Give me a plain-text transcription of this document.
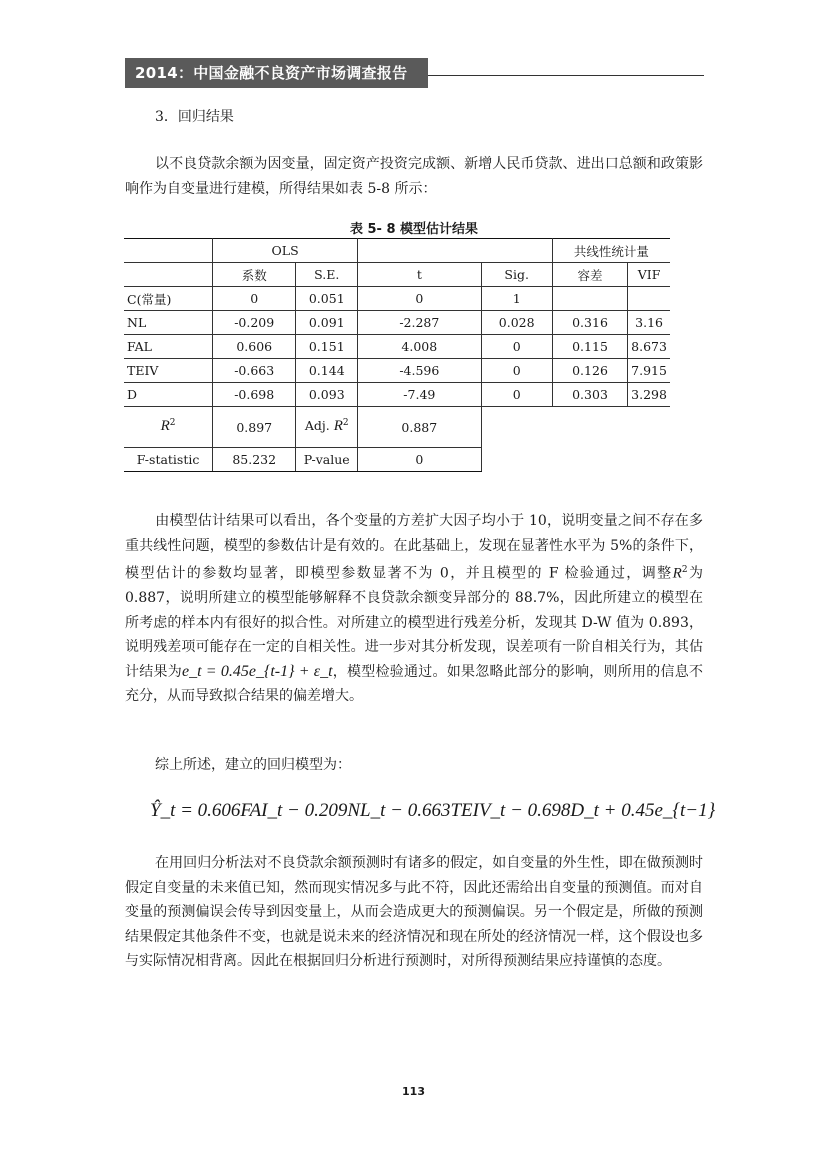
2014：中国金融不良资产市场调查报告
3．回归结果
以不良贷款余额为因变量，固定资产投资完成额、新增人民币贷款、进出口总额和政策影响作为自变量进行建模，所得结果如表 5-8 所示：
表 5- 8 模型估计结果
	OLS				共线性统计量	
	系数	S.E.	t	Sig.	容差	VIF
C(常量)	0	0.051	0	1		
NL	-0.209	0.091	-2.287	0.028	0.316	3.16
FAL	0.606	0.151	4.008	0	0.115	8.673
TEIV	-0.663	0.144	-4.596	0	0.126	7.915
D	-0.698	0.093	-7.49	0	0.303	3.298
$R^2$	0.897	Adj. $R^2$	0.887			
F-statistic	85.232	P-value	0			
由模型估计结果可以看出，各个变量的方差扩大因子均小于 10，说明变量之间不存在多重共线性问题，模型的参数估计是有效的。在此基础上，发现在显著性水平为 5%的条件下，模型估计的参数均显著，即模型参数显著不为 0，并且模型的 F 检验通过，调整$R^2$为 0.887，说明所建立的模型能够解释不良贷款余额变异部分的 88.7%，因此所建立的模型在所考虑的样本内有很好的拟合性。对所建立的模型进行残差分析，发现其 D-W 值为 0.893，说明残差项可能存在一定的自相关性。进一步对其分析发现，误差项有一阶自相关行为，其估计结果为e_t = 0.45e_{t-1} + ε_t，模型检验通过。如果忽略此部分的影响，则所用的信息不充分，从而导致拟合结果的偏差增大。
综上所述，建立的回归模型为：
Ŷ_t = 0.606FAI_t − 0.209NL_t − 0.663TEIV_t − 0.698D_t + 0.45e_{t−1}
在用回归分析法对不良贷款余额预测时有诸多的假定，如自变量的外生性，即在做预测时假定自变量的未来值已知，然而现实情况多与此不符，因此还需给出自变量的预测值。而对自变量的预测偏误会传导到因变量上，从而会造成更大的预测偏误。另一个假定是，所做的预测结果假定其他条件不变，也就是说未来的经济情况和现在所处的经济情况一样，这个假设也多与实际情况相背离。因此在根据回归分析进行预测时，对所得预测结果应持谨慎的态度。
113
